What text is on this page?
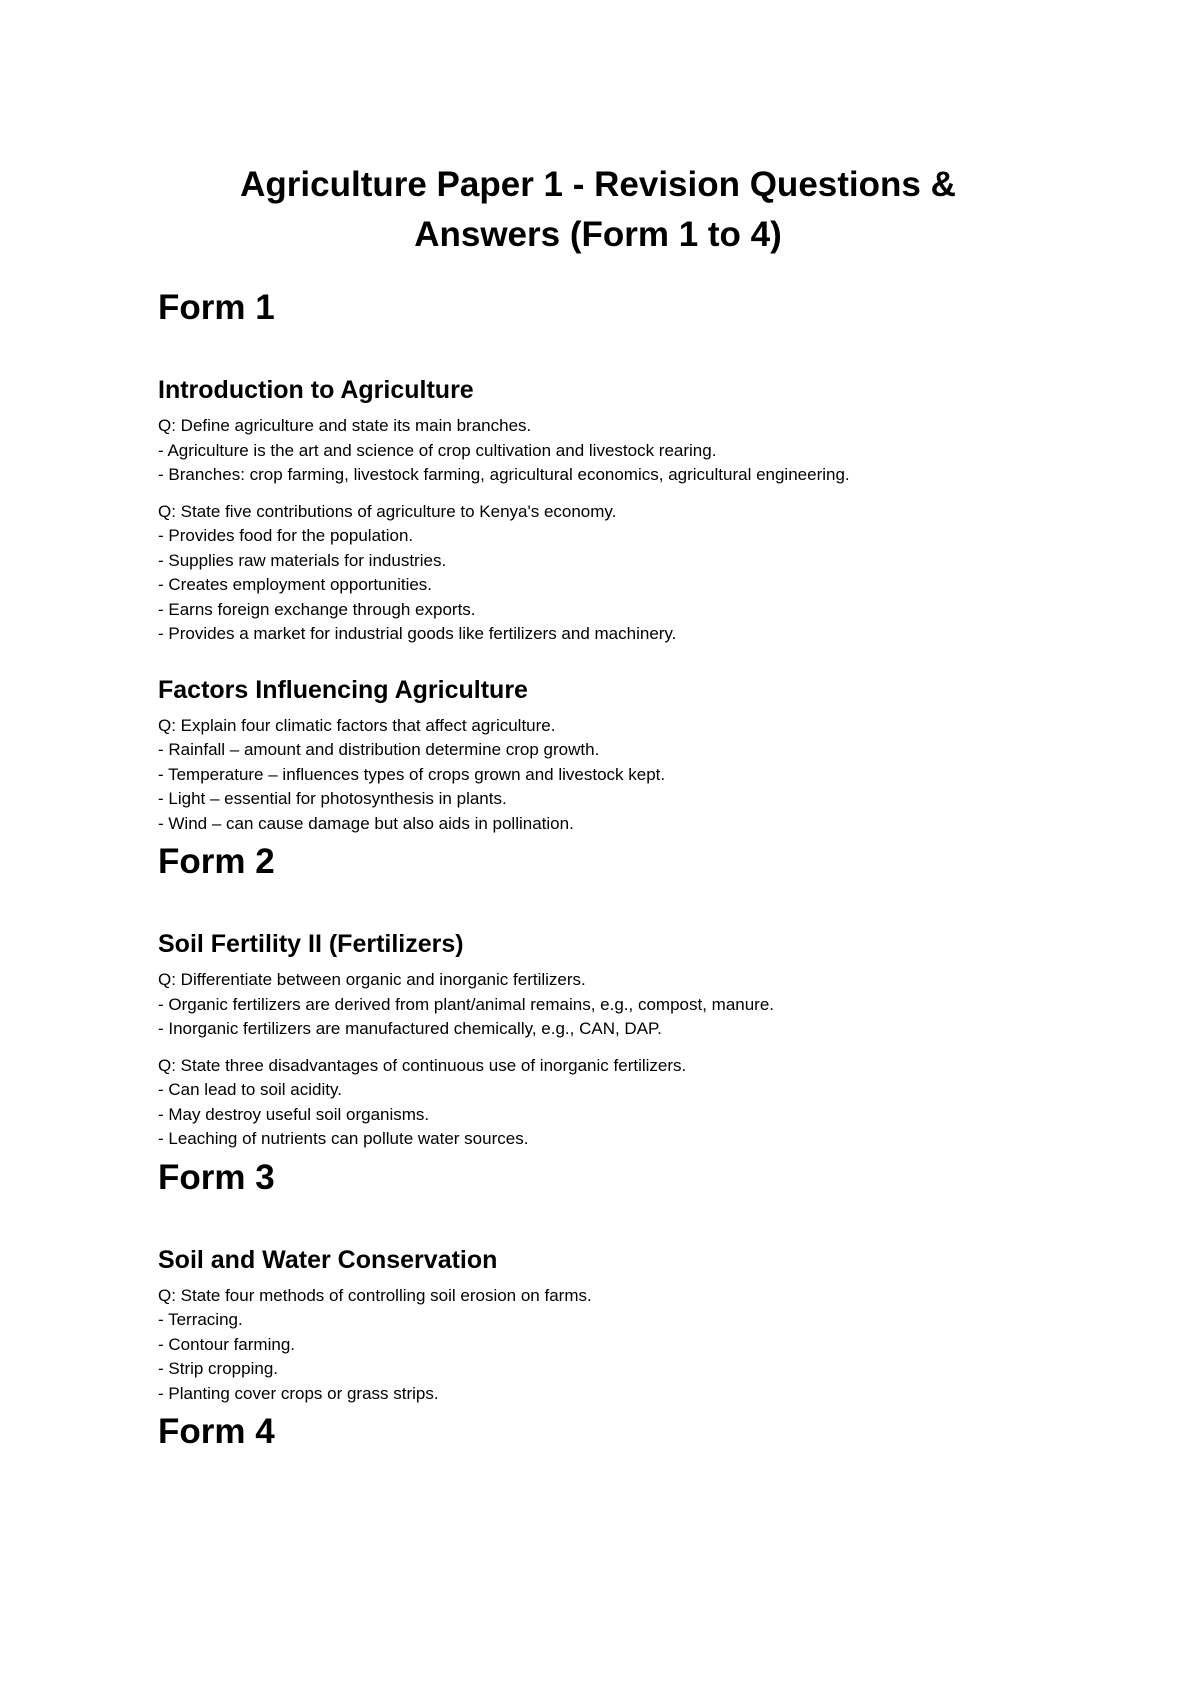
Agriculture Paper 1 - Revision Questions &
Answers (Form 1 to 4)
Form 1
Introduction to Agriculture
Q: Define agriculture and state its main branches.
- Agriculture is the art and science of crop cultivation and livestock rearing.
- Branches: crop farming, livestock farming, agricultural economics, agricultural engineering.
Q: State five contributions of agriculture to Kenya's economy.
- Provides food for the population.
- Supplies raw materials for industries.
- Creates employment opportunities.
- Earns foreign exchange through exports.
- Provides a market for industrial goods like fertilizers and machinery.
Factors Influencing Agriculture
Q: Explain four climatic factors that affect agriculture.
- Rainfall – amount and distribution determine crop growth.
- Temperature – influences types of crops grown and livestock kept.
- Light – essential for photosynthesis in plants.
- Wind – can cause damage but also aids in pollination.
Form 2
Soil Fertility II (Fertilizers)
Q: Differentiate between organic and inorganic fertilizers.
- Organic fertilizers are derived from plant/animal remains, e.g., compost, manure.
- Inorganic fertilizers are manufactured chemically, e.g., CAN, DAP.
Q: State three disadvantages of continuous use of inorganic fertilizers.
- Can lead to soil acidity.
- May destroy useful soil organisms.
- Leaching of nutrients can pollute water sources.
Form 3
Soil and Water Conservation
Q: State four methods of controlling soil erosion on farms.
- Terracing.
- Contour farming.
- Strip cropping.
- Planting cover crops or grass strips.
Form 4
